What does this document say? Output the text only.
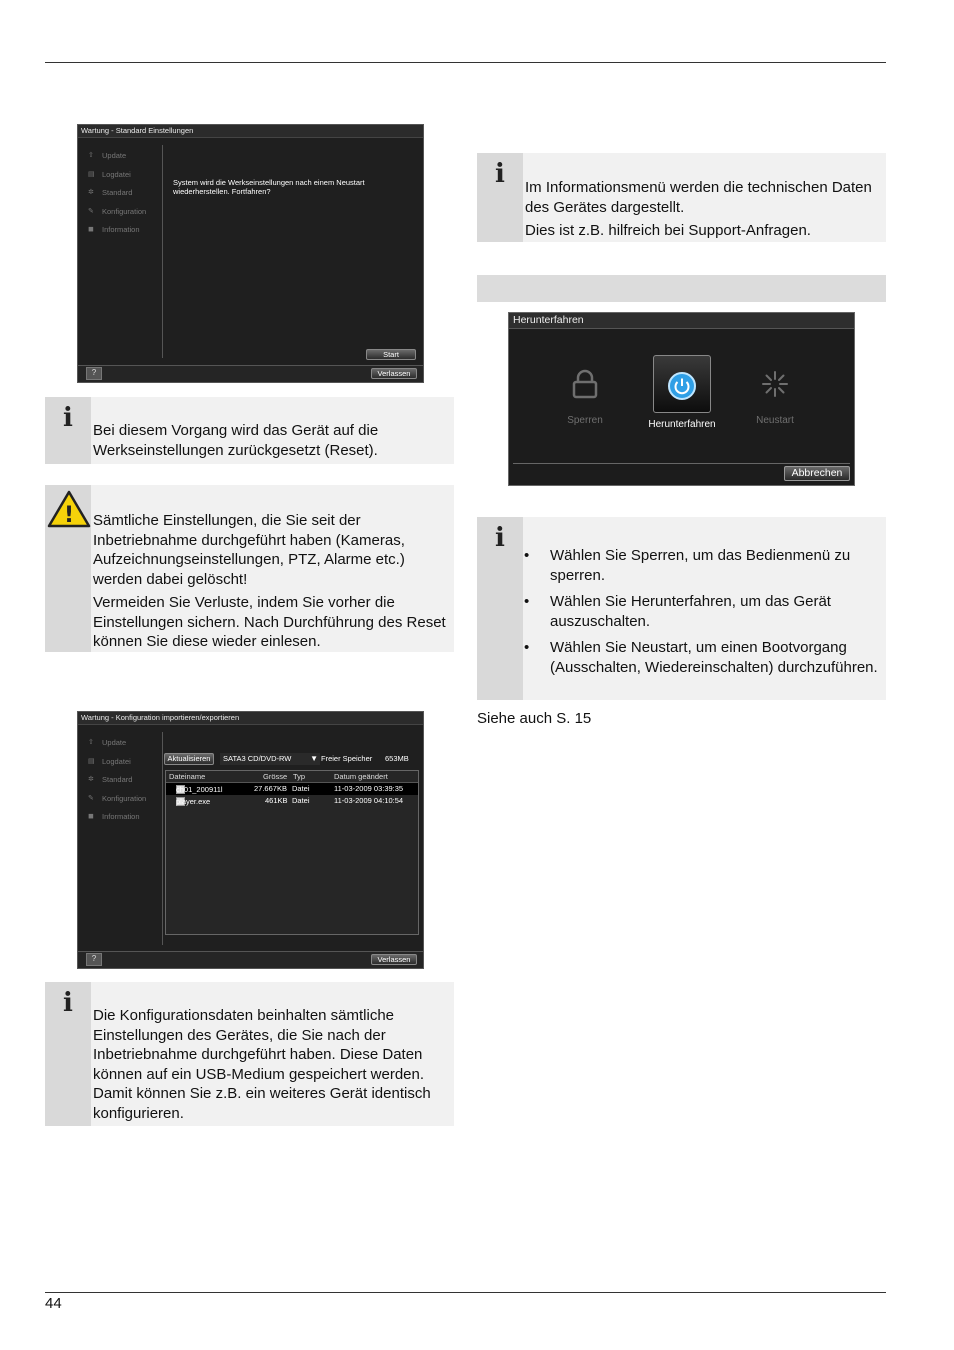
44
Wartung - Standard Einstellungen
⇧ Update
▤ Logdatei
✲ Standard
✎ Konfiguration
◼ Information
System wird die Werkseinstellungen nach einem Neustart wiederherstellen. Fortfahren?
Start
?	Verlassen
i Bei diesem Vorgang wird das Gerät auf die Werkseinstellungen zurückgesetzt (Reset).
! Sämtliche Einstellungen, die Sie seit der Inbetriebnahme durchgeführt haben (Kameras, Aufzeichnungseinstellungen, PTZ, Alarme etc.) werden dabei gelöscht!

Vermeiden Sie Verluste, indem Sie vorher die Einstellungen sichern. Nach Durchführung des Reset können Sie diese wieder einlesen.

Wartung - Konfiguration importieren/exportieren
⇧ Update
▤ Logdatei
✲ Standard
✎ Konfiguration
◼ Information
Aktualisieren	SATA3 CD/DVD-RW ▼ Freier Speicher 653MB
Dateiname	Grösse Typ	Datum geändert
ch01_200911l	27.667KB Datei	11-03-2009 03:39:35
player.exe	461KB Datei	11-03-2009 04:10:54
?	Verlassen
i Die Konfigurationsdaten beinhalten sämtliche Einstellungen des Gerätes, die Sie nach der Inbetriebnahme durchgeführt haben. Diese Daten können auf ein USB-Medium gespeichert werden. Damit können Sie z.B. ein weiteres Gerät identisch konfigurieren.
i Im Informationsmenü werden die technischen Daten des Gerätes dargestellt.

Dies ist z.B. hilfreich bei Support-Anfragen.

Herunterfahren
Sperren	Herunterfahren	Neustart
Abbrechen
i
• Wählen Sie Sperren, um das Bedienmenü zu sperren.
• Wählen Sie Herunterfahren, um das Gerät auszuschalten.
• Wählen Sie Neustart, um einen Bootvorgang (Ausschalten, Wiedereinschalten) durchzuführen.
Siehe auch S. 15
